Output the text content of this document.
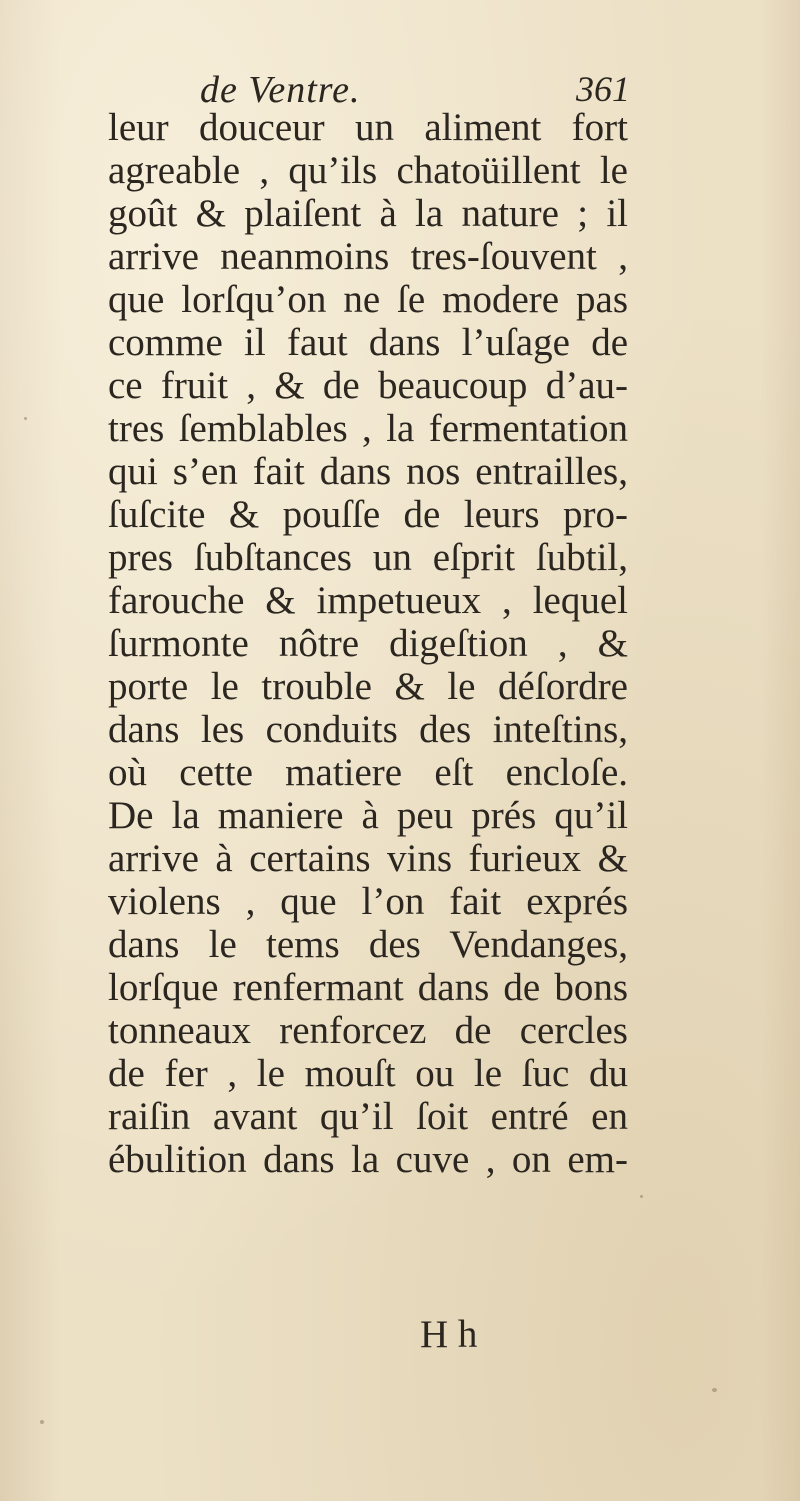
de Ventre.	361
leur douceur un aliment fort
agreable , qu’ils chatoüillent le
goût & plaiſent à la nature ; il
arrive neanmoins tres-ſouvent ,
que lorſqu’on ne ſe modere pas
comme il faut dans l’uſage de
ce fruit , & de beaucoup d’au-
tres ſemblables , la fermentation
qui s’en fait dans nos entrailles,
ſuſcite & pouſſe de leurs pro-
pres ſubſtances un eſprit ſubtil,
farouche & impetueux , lequel
ſurmonte nôtre digeſtion , &
porte le trouble & le déſordre
dans les conduits des inteſtins,
où cette matiere eſt encloſe.
De la maniere à peu prés qu’il
arrive à certains vins furieux &
violens , que l’on fait exprés
dans le tems des Vendanges,
lorſque renfermant dans de bons
tonneaux renforcez de cercles
de fer , le mouſt ou le ſuc du
raiſin avant qu’il ſoit entré en
ébulition dans la cuve , on em-
H h
